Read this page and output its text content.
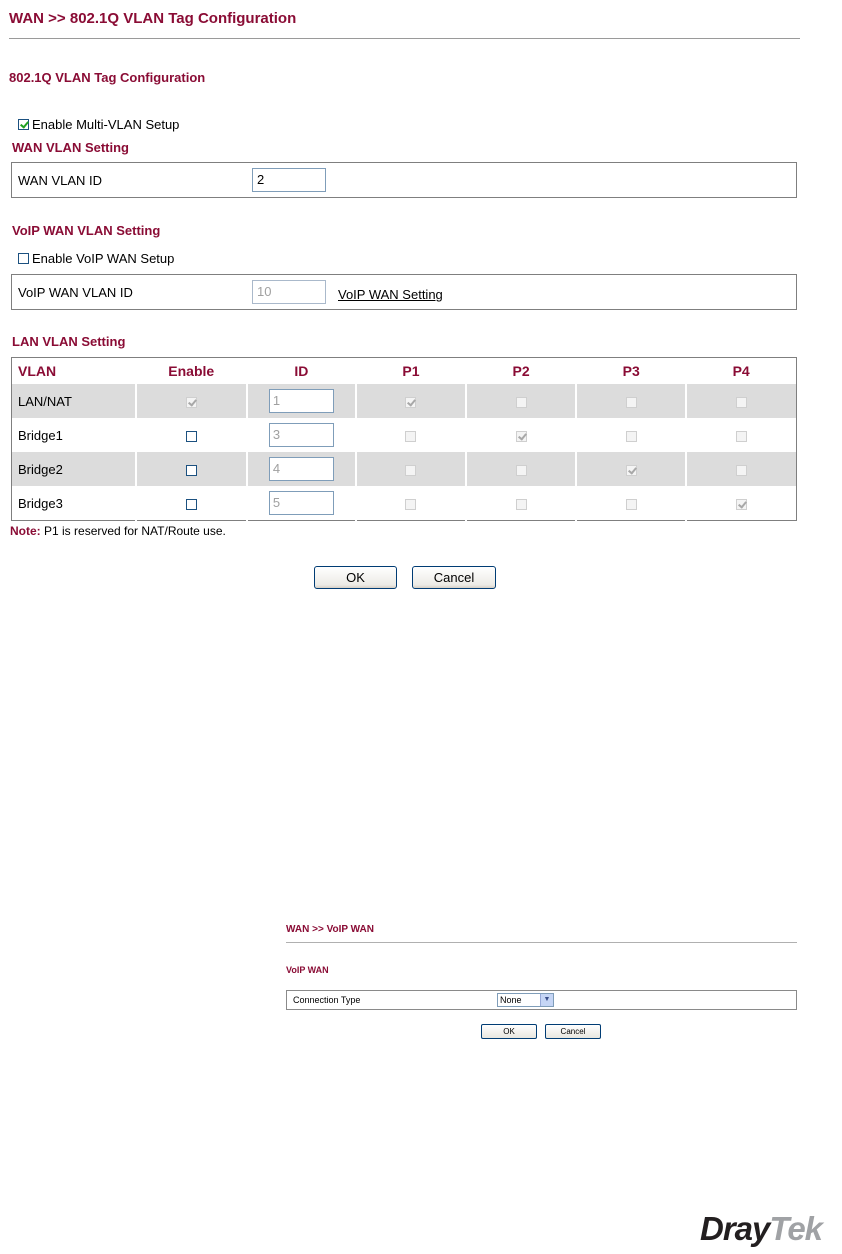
WAN >> 802.1Q VLAN Tag Configuration
802.1Q VLAN Tag Configuration
Enable Multi-VLAN Setup
WAN VLAN Setting
WAN VLAN ID	2
VoIP WAN VLAN Setting
Enable VoIP WAN Setup
VoIP WAN VLAN ID	10	VoIP WAN Setting
LAN VLAN Setting
VLAN	Enable	ID	P1	P2	P3	P4
LAN/NAT		1				
Bridge1		3				
Bridge2		4				
Bridge3		5				
Note: P1 is reserved for NAT/Route use.
OK	Cancel
WAN >> VoIP WAN
VoIP WAN
Connection Type	None	▼
OK	Cancel
DrayTek
